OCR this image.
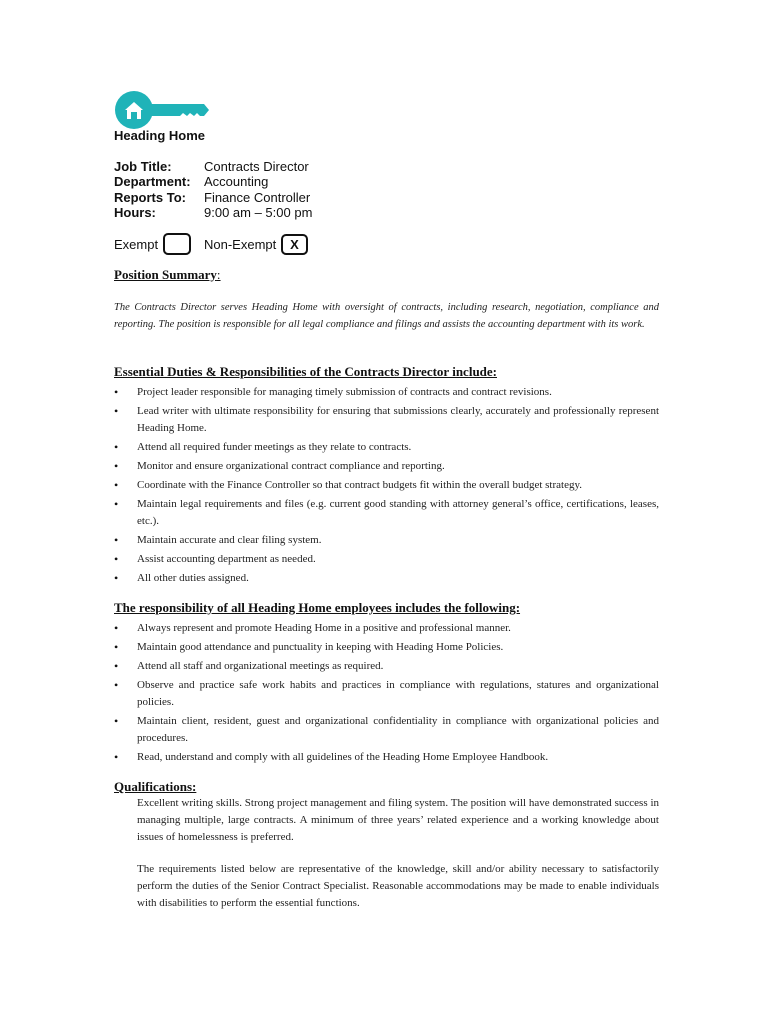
Heading Home
Job Title:	Contracts Director
Department:	Accounting
Reports To:	Finance Controller
Hours:	9:00 am – 5:00 pm
Exempt	Non-Exempt	X
Position Summary:

The Contracts Director serves Heading Home with oversight of contracts, including research, negotiation, compliance and reporting. The position is responsible for all legal compliance and filings and assists the accounting department with its work.

Essential Duties & Responsibilities of the Contracts Director include:
• Project leader responsible for managing timely submission of contracts and contract revisions.
• Lead writer with ultimate responsibility for ensuring that submissions clearly, accurately and professionally represent Heading Home.
• Attend all required funder meetings as they relate to contracts.
• Monitor and ensure organizational contract compliance and reporting.
• Coordinate with the Finance Controller so that contract budgets fit within the overall budget strategy.
• Maintain legal requirements and files (e.g. current good standing with attorney general’s office, certifications, leases, etc.).
• Maintain accurate and clear filing system.
• Assist accounting department as needed.
• All other duties assigned.
The responsibility of all Heading Home employees includes the following:
• Always represent and promote Heading Home in a positive and professional manner.
• Maintain good attendance and punctuality in keeping with Heading Home Policies.
• Attend all staff and organizational meetings as required.
• Observe and practice safe work habits and practices in compliance with regulations, statures and organizational policies.
• Maintain client, resident, guest and organizational confidentiality in compliance with organizational policies and procedures.
• Read, understand and comply with all guidelines of the Heading Home Employee Handbook.
Qualifications:

Excellent writing skills. Strong project management and filing system. The position will have demonstrated success in managing multiple, large contracts. A minimum of three years’ related experience and a working knowledge about issues of homelessness is preferred.

The requirements listed below are representative of the knowledge, skill and/or ability necessary to satisfactorily perform the duties of the Senior Contract Specialist. Reasonable accommodations may be made to enable individuals with disabilities to perform the essential functions.
